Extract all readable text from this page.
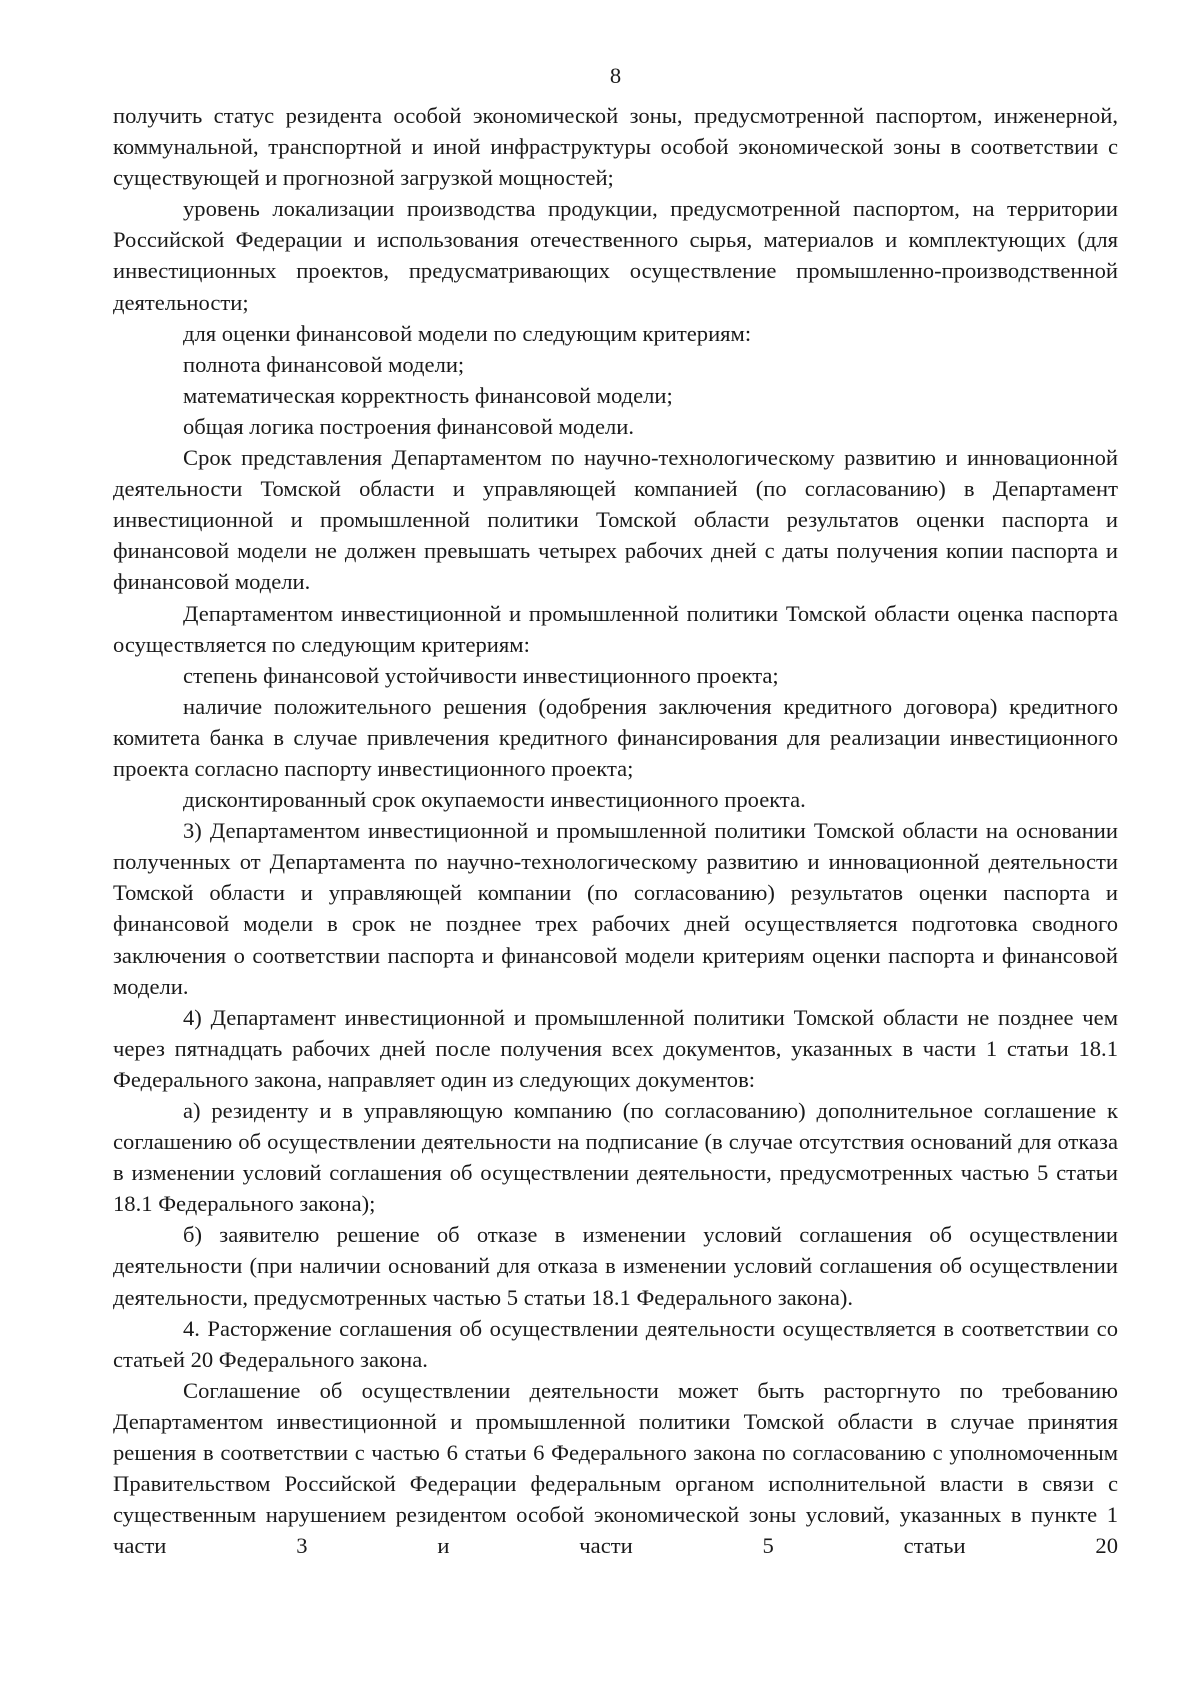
8

получить статус резидента особой экономической зоны, предусмотренной паспортом, инженерной, коммунальной, транспортной и иной инфраструктуры особой экономической зоны в соответствии с существующей и прогнозной загрузкой мощностей;

уровень локализации производства продукции, предусмотренной паспортом, на территории Российской Федерации и использования отечественного сырья, материалов и комплектующих (для инвестиционных проектов, предусматривающих осуществление промышленно-производственной деятельности;

для оценки финансовой модели по следующим критериям:

полнота финансовой модели;

математическая корректность финансовой модели;

общая логика построения финансовой модели.

Срок представления Департаментом по научно-технологическому развитию и инновационной деятельности Томской области и управляющей компанией (по согласованию) в Департамент инвестиционной и промышленной политики Томской области результатов оценки паспорта и финансовой модели не должен превышать четырех рабочих дней с даты получения копии паспорта и финансовой модели.

Департаментом инвестиционной и промышленной политики Томской области оценка паспорта осуществляется по следующим критериям:

степень финансовой устойчивости инвестиционного проекта;

наличие положительного решения (одобрения заключения кредитного договора) кредитного комитета банка в случае привлечения кредитного финансирования для реализации инвестиционного проекта согласно паспорту инвестиционного проекта;

дисконтированный срок окупаемости инвестиционного проекта.

3) Департаментом инвестиционной и промышленной политики Томской области на основании полученных от Департамента по научно-технологическому развитию и инновационной деятельности Томской области и управляющей компании (по согласованию) результатов оценки паспорта и финансовой модели в срок не позднее трех рабочих дней осуществляется подготовка сводного заключения о соответствии паспорта и финансовой модели критериям оценки паспорта и финансовой модели.

4) Департамент инвестиционной и промышленной политики Томской области не позднее чем через пятнадцать рабочих дней после получения всех документов, указанных в части 1 статьи 18.1 Федерального закона, направляет один из следующих документов:

а) резиденту и в управляющую компанию (по согласованию) дополнительное соглашение к соглашению об осуществлении деятельности на подписание (в случае отсутствия оснований для отказа в изменении условий соглашения об осуществлении деятельности, предусмотренных частью 5 статьи 18.1 Федерального закона);

б) заявителю решение об отказе в изменении условий соглашения об осуществлении деятельности (при наличии оснований для отказа в изменении условий соглашения об осуществлении деятельности, предусмотренных частью 5 статьи 18.1 Федерального закона).

4. Расторжение соглашения об осуществлении деятельности осуществляется в соответствии со статьей 20 Федерального закона.

Соглашение об осуществлении деятельности может быть расторгнуто по требованию Департаментом инвестиционной и промышленной политики Томской области в случае принятия решения в соответствии с частью 6 статьи 6 Федерального закона по согласованию с уполномоченным Правительством Российской Федерации федеральным органом исполнительной власти в связи с существенным нарушением резидентом особой экономической зоны условий, указанных в пункте 1 части 3 и части 5 статьи 20
